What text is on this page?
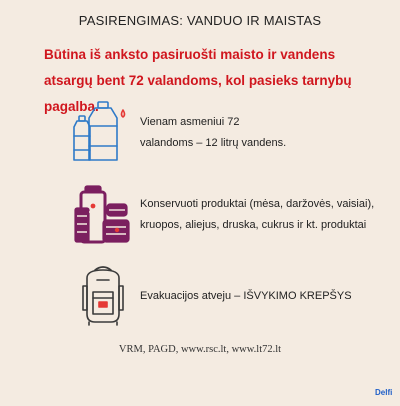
PASIRENGIMAS: VANDUO IR MAISTAS
Būtina iš anksto pasiruošti maisto ir vandens atsargų bent 72 valandoms, kol pasieks tarnybų pagalba.
Vienam asmeniui 72 valandoms – 12 litrų vandens.
Konservuoti produktai (mėsa, daržovės, vaisiai), kruopos, aliejus, druska, cukrus ir kt. produktai
Evakuacijos atveju – IŠVYKIMO KREPŠYS
VRM, PAGD, www.rsc.lt, www.lt72.lt
Delfi
